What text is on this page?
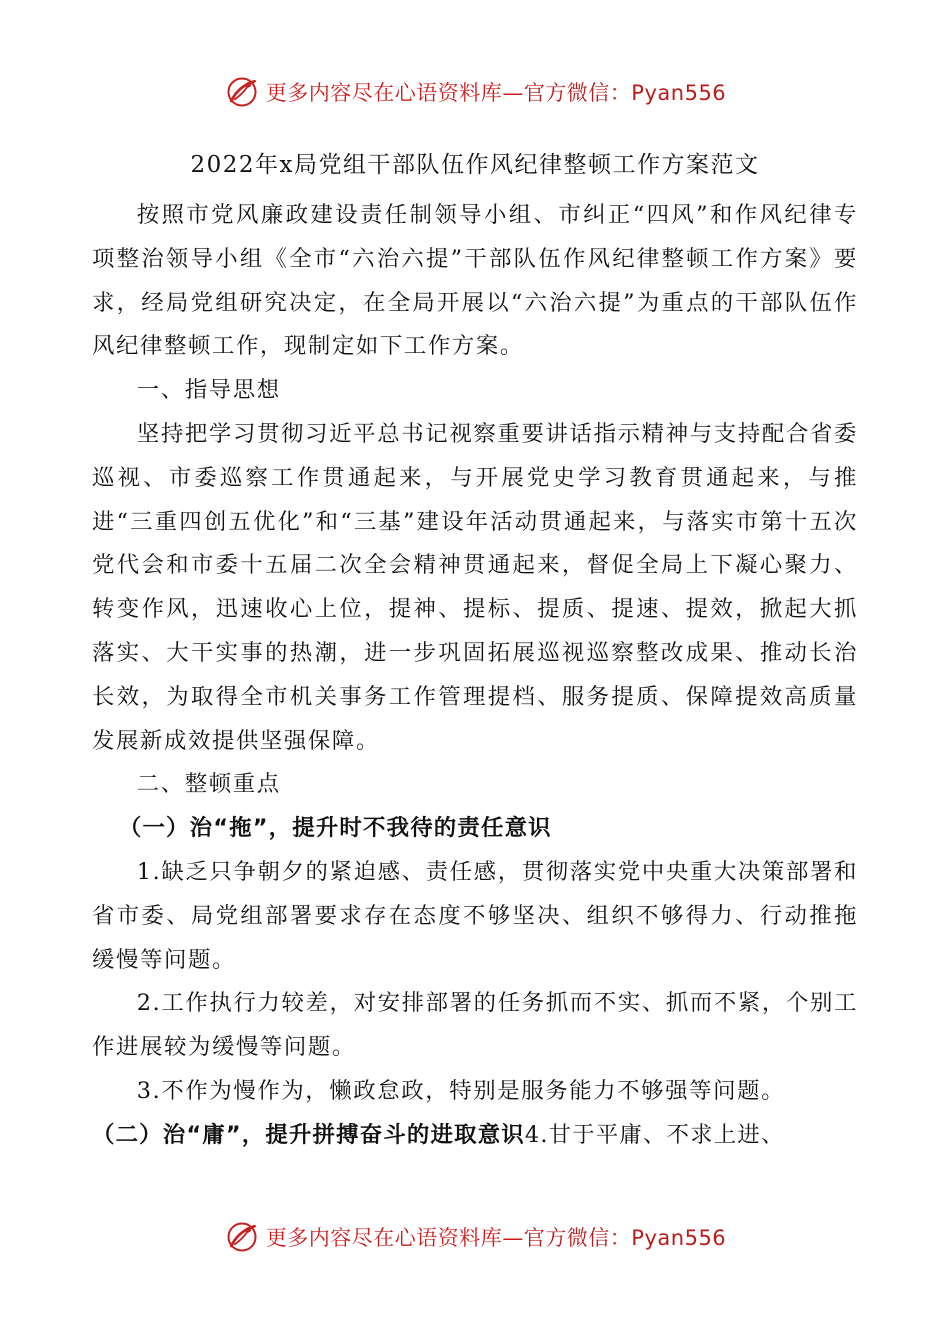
更多内容尽在心语资料库—官方微信：Pyan556
2022年x局党组干部队伍作风纪律整顿工作方案范文

按照市党风廉政建设责任制领导小组、市纠正“四风”和作风纪律专项整治领导小组《全市“六治六提”干部队伍作风纪律整顿工作方案》要求，经局党组研究决定，在全局开展以“六治六提”为重点的干部队伍作风纪律整顿工作，现制定如下工作方案。

一、指导思想

坚持把学习贯彻习近平总书记视察重要讲话指示精神与支持配合省委巡视、市委巡察工作贯通起来，与开展党史学习教育贯通起来，与推进“三重四创五优化”和“三基”建设年活动贯通起来，与落实市第十五次党代会和市委十五届二次全会精神贯通起来，督促全局上下凝心聚力、转变作风，迅速收心上位，提神、提标、提质、提速、提效，掀起大抓落实、大干实事的热潮，进一步巩固拓展巡视巡察整改成果、推动长治长效，为取得全市机关事务工作管理提档、服务提质、保障提效高质量发展新成效提供坚强保障。

二、整顿重点

（一）治“拖”，提升时不我待的责任意识

1.缺乏只争朝夕的紧迫感、责任感，贯彻落实党中央重大决策部署和省市委、局党组部署要求存在态度不够坚决、组织不够得力、行动推拖缓慢等问题。

2.工作执行力较差，对安排部署的任务抓而不实、抓而不紧，个别工作进展较为缓慢等问题。

3.不作为慢作为，懒政怠政，特别是服务能力不够强等问题。

（二）治“庸”，提升拼搏奋斗的进取意识4.甘于平庸、不求上进、

更多内容尽在心语资料库—官方微信：Pyan556
